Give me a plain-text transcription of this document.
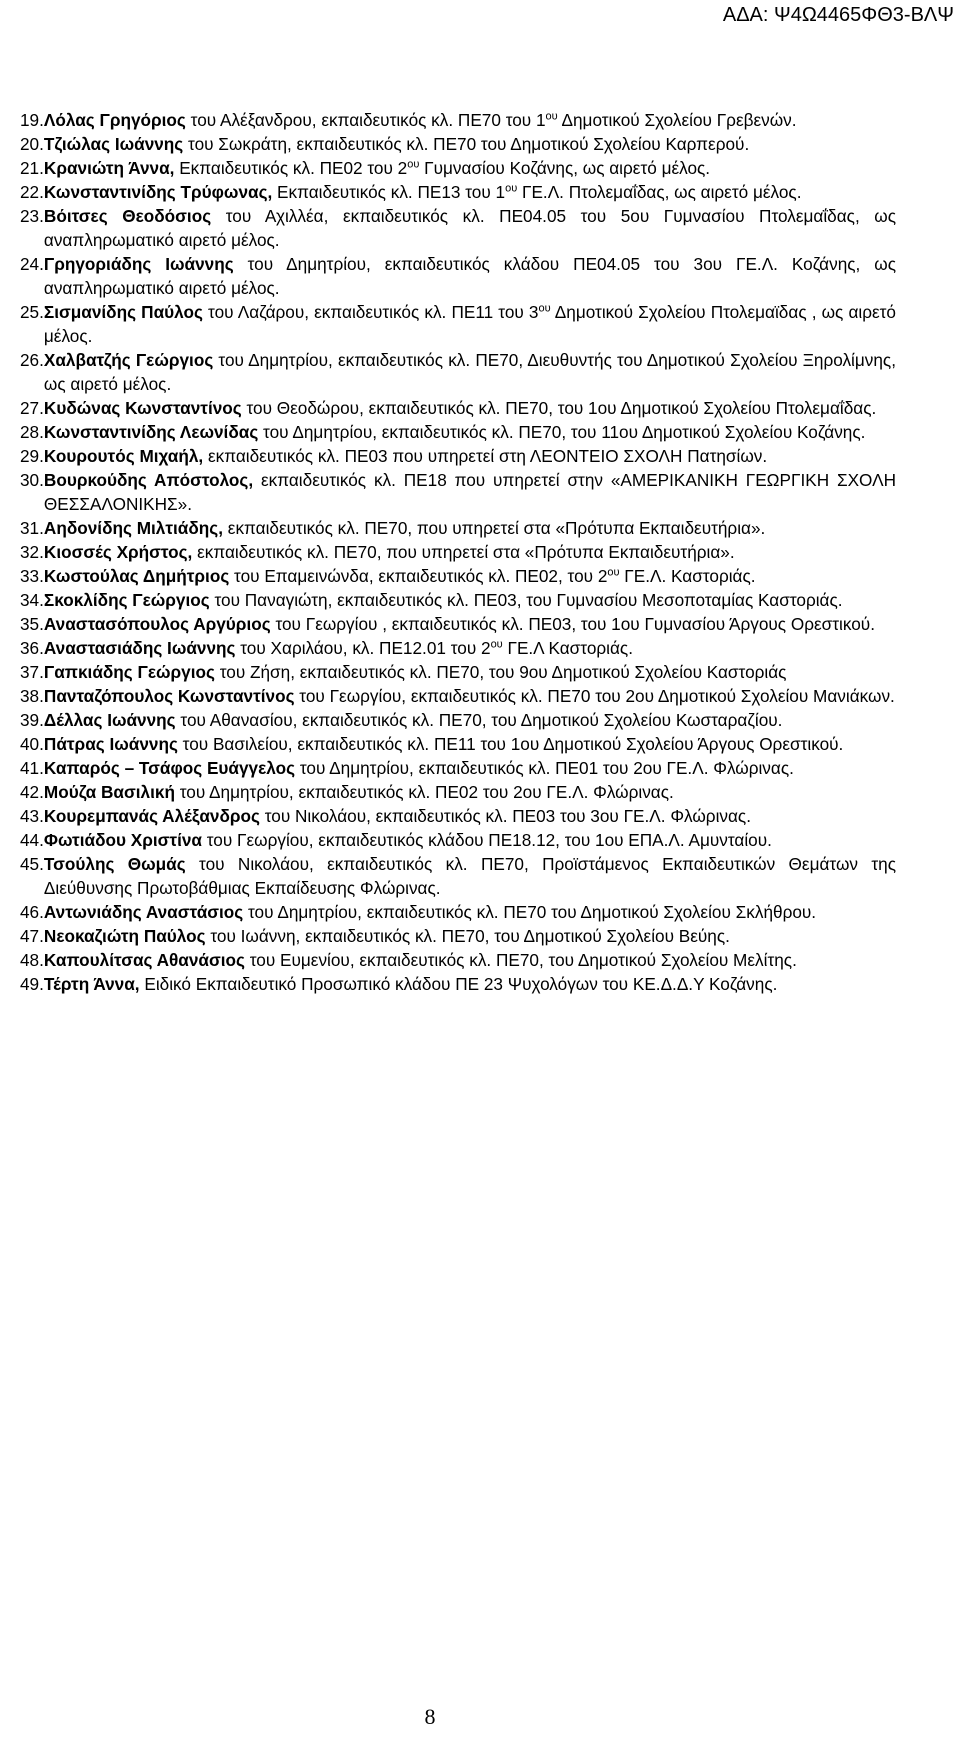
ΑΔΑ: Ψ4Ω4465ΦΘ3-ΒΛΨ
19. Λόλας Γρηγόριος του Αλέξανδρου, εκπαιδευτικός κλ. ΠΕ70 του $1^{o\upsilon}$ Δημοτικού Σχολείου Γρεβενών.
20. Τζιώλας Ιωάννης του Σωκράτη, εκπαιδευτικός κλ. ΠΕ70 του Δημοτικού Σχολείου Καρπερού.
21. Κρανιώτη Άννα, Εκπαιδευτικός κλ. ΠΕ02 του $2^{o\upsilon}$ Γυμνασίου Κοζάνης, ως αιρετό μέλος.
22. Κωνσταντινίδης Τρύφωνας, Εκπαιδευτικός κλ. ΠΕ13 του $1^{o\upsilon}$ ΓΕ.Λ. Πτολεμαΐδας, ως αιρετό μέλος.
23. Βόιτσες Θεοδόσιος του Αχιλλέα, εκπαιδευτικός κλ. ΠΕ04.05 του 5ου Γυμνασίου Πτολεμαΐδας, ως αναπληρωματικό αιρετό μέλος.
24. Γρηγοριάδης Ιωάννης του Δημητρίου, εκπαιδευτικός κλάδου ΠΕ04.05 του 3ου ΓΕ.Λ. Κοζάνης, ως αναπληρωματικό αιρετό μέλος.
25. Σισμανίδης Παύλος του Λαζάρου, εκπαιδευτικός κλ. ΠΕ11 του $3^{o\upsilon}$ Δημοτικού Σχολείου Πτολεμαϊδας , ως αιρετό μέλος.
26. Χαλβατζής Γεώργιος του Δημητρίου, εκπαιδευτικός κλ. ΠΕ70, Διευθυντής του Δημοτικού Σχολείου Ξηρολίμνης, ως αιρετό μέλος.
27. Κυδώνας Κωνσταντίνος του Θεοδώρου, εκπαιδευτικός κλ. ΠΕ70, του 1ου Δημοτικού Σχολείου Πτολεμαΐδας.
28. Κωνσταντινίδης Λεωνίδας του Δημητρίου, εκπαιδευτικός κλ. ΠΕ70, του 11ου Δημοτικού Σχολείου Κοζάνης.
29. Κουρουτός Μιχαήλ, εκπαιδευτικός κλ. ΠΕ03 που υπηρετεί στη ΛΕΟΝΤΕΙΟ ΣΧΟΛΗ Πατησίων.
30. Βουρκούδης Απόστολος, εκπαιδευτικός κλ. ΠΕ18 που υπηρετεί στην «ΑΜΕΡΙΚΑΝΙΚΗ ΓΕΩΡΓΙΚΗ ΣΧΟΛΗ ΘΕΣΣΑΛΟΝΙΚΗΣ».
31. Αηδονίδης Μιλτιάδης, εκπαιδευτικός κλ. ΠΕ70, που υπηρετεί στα «Πρότυπα Εκπαιδευτήρια».
32. Κιοσσές Χρήστος, εκπαιδευτικός κλ. ΠΕ70, που υπηρετεί στα «Πρότυπα Εκπαιδευτήρια».
33. Κωστούλας Δημήτριος του Επαμεινώνδα, εκπαιδευτικός κλ. ΠΕ02, του $2^{o\upsilon}$ ΓΕ.Λ. Καστοριάς.
34. Σκοκλίδης Γεώργιος του Παναγιώτη, εκπαιδευτικός κλ. ΠΕ03, του Γυμνασίου Μεσοποταμίας Καστοριάς.
35. Αναστασόπουλος Αργύριος του Γεωργίου , εκπαιδευτικός κλ. ΠΕ03, του 1ου Γυμνασίου Άργους Ορεστικού.
36. Αναστασιάδης Ιωάννης του Χαριλάου, κλ. ΠΕ12.01 του $2^{o\upsilon}$ ΓΕ.Λ Καστοριάς.
37. Γαπκιάδης Γεώργιος του Ζήση, εκπαιδευτικός κλ. ΠΕ70, του 9ου Δημοτικού Σχολείου Καστοριάς
38. Πανταζόπουλος Κωνσταντίνος του Γεωργίου, εκπαιδευτικός κλ. ΠΕ70 του 2ου Δημοτικού Σχολείου Μανιάκων.
39. Δέλλας Ιωάννης του Αθανασίου, εκπαιδευτικός κλ. ΠΕ70, του Δημοτικού Σχολείου Κωσταραζίου.
40. Πάτρας Ιωάννης του Βασιλείου, εκπαιδευτικός κλ. ΠΕ11 του 1ου Δημοτικού Σχολείου Άργους Ορεστικού.
41. Καπαρός – Τσάφος Ευάγγελος του Δημητρίου, εκπαιδευτικός κλ. ΠΕ01 του 2ου ΓΕ.Λ. Φλώρινας.
42. Μούζα Βασιλική του Δημητρίου, εκπαιδευτικός κλ. ΠΕ02 του 2ου ΓΕ.Λ. Φλώρινας.
43. Κουρεμπανάς Αλέξανδρος του Νικολάου, εκπαιδευτικός κλ. ΠΕ03 του 3ου ΓΕ.Λ. Φλώρινας.
44. Φωτιάδου Χριστίνα του Γεωργίου, εκπαιδευτικός κλάδου ΠΕ18.12, του 1ου ΕΠΑ.Λ. Αμυνταίου.
45. Τσούλης Θωμάς του Νικολάου, εκπαιδευτικός κλ. ΠΕ70, Προϊστάμενος Εκπαιδευτικών Θεμάτων της Διεύθυνσης Πρωτοβάθμιας Εκπαίδευσης Φλώρινας.
46. Αντωνιάδης Αναστάσιος του Δημητρίου, εκπαιδευτικός κλ. ΠΕ70 του Δημοτικού Σχολείου Σκλήθρου.
47. Νεοκαζιώτη Παύλος του Ιωάννη, εκπαιδευτικός κλ. ΠΕ70, του Δημοτικού Σχολείου Βεύης.
48. Καπουλίτσας Αθανάσιος του Ευμενίου, εκπαιδευτικός κλ. ΠΕ70, του Δημοτικού Σχολείου Μελίτης.
49. Τέρτη Άννα, Ειδικό Εκπαιδευτικό Προσωπικό κλάδου ΠΕ 23 Ψυχολόγων του ΚΕ.Δ.Δ.Υ Κοζάνης.
8
